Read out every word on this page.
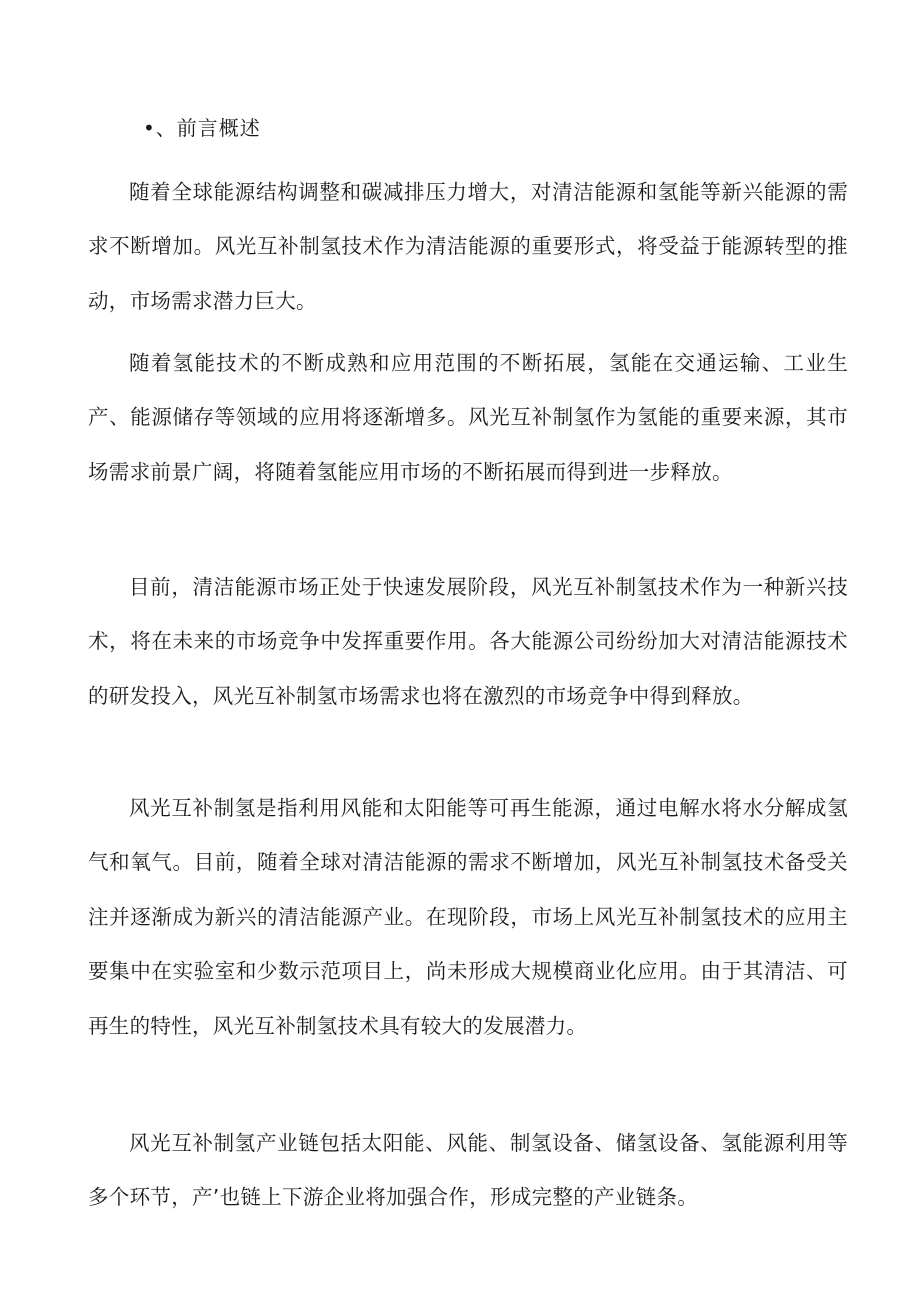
•、前言概述

随着全球能源结构调整和碳减排压力增大，对清洁能源和氢能等新兴能源的需求不断增加。风光互补制氢技术作为清洁能源的重要形式，将受益于能源转型的推动，市场需求潜力巨大。

随着氢能技术的不断成熟和应用范围的不断拓展，氢能在交通运输、工业生产、能源储存等领域的应用将逐渐增多。风光互补制氢作为氢能的重要来源，其市场需求前景广阔，将随着氢能应用市场的不断拓展而得到进一步释放。

目前，清洁能源市场正处于快速发展阶段，风光互补制氢技术作为一种新兴技术，将在未来的市场竞争中发挥重要作用。各大能源公司纷纷加大对清洁能源技术的研发投入，风光互补制氢市场需求也将在激烈的市场竞争中得到释放。

风光互补制氢是指利用风能和太阳能等可再生能源，通过电解水将水分解成氢气和氧气。目前，随着全球对清洁能源的需求不断增加，风光互补制氢技术备受关注并逐渐成为新兴的清洁能源产业。在现阶段，市场上风光互补制氢技术的应用主要集中在实验室和少数示范项目上，尚未形成大规模商业化应用。由于其清洁、可再生的特性，风光互补制氢技术具有较大的发展潜力。

风光互补制氢产业链包括太阳能、风能、制氢设备、储氢设备、氢能源利用等多个环节，产’也链上下游企业将加强合作，形成完整的产业链条。
